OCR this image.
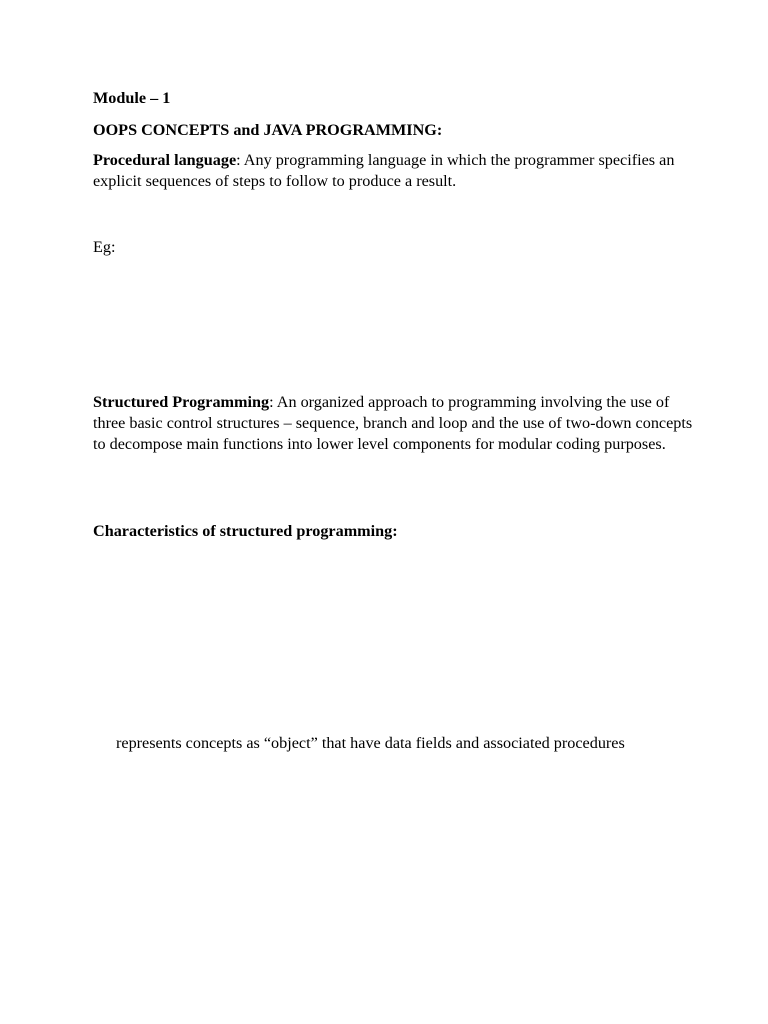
Module – 1

OOPS CONCEPTS and JAVA PROGRAMMING:

Procedural language: Any programming language in which the programmer specifies an explicit sequences of steps to follow to produce a result.

Eg:

Structured Programming: An organized approach to programming involving the use of three basic control structures – sequence, branch and loop and the use of two-down concepts to decompose main functions into lower level components for modular coding purposes.

Characteristics of structured programming:

represents concepts as “object” that have data fields and associated procedures
